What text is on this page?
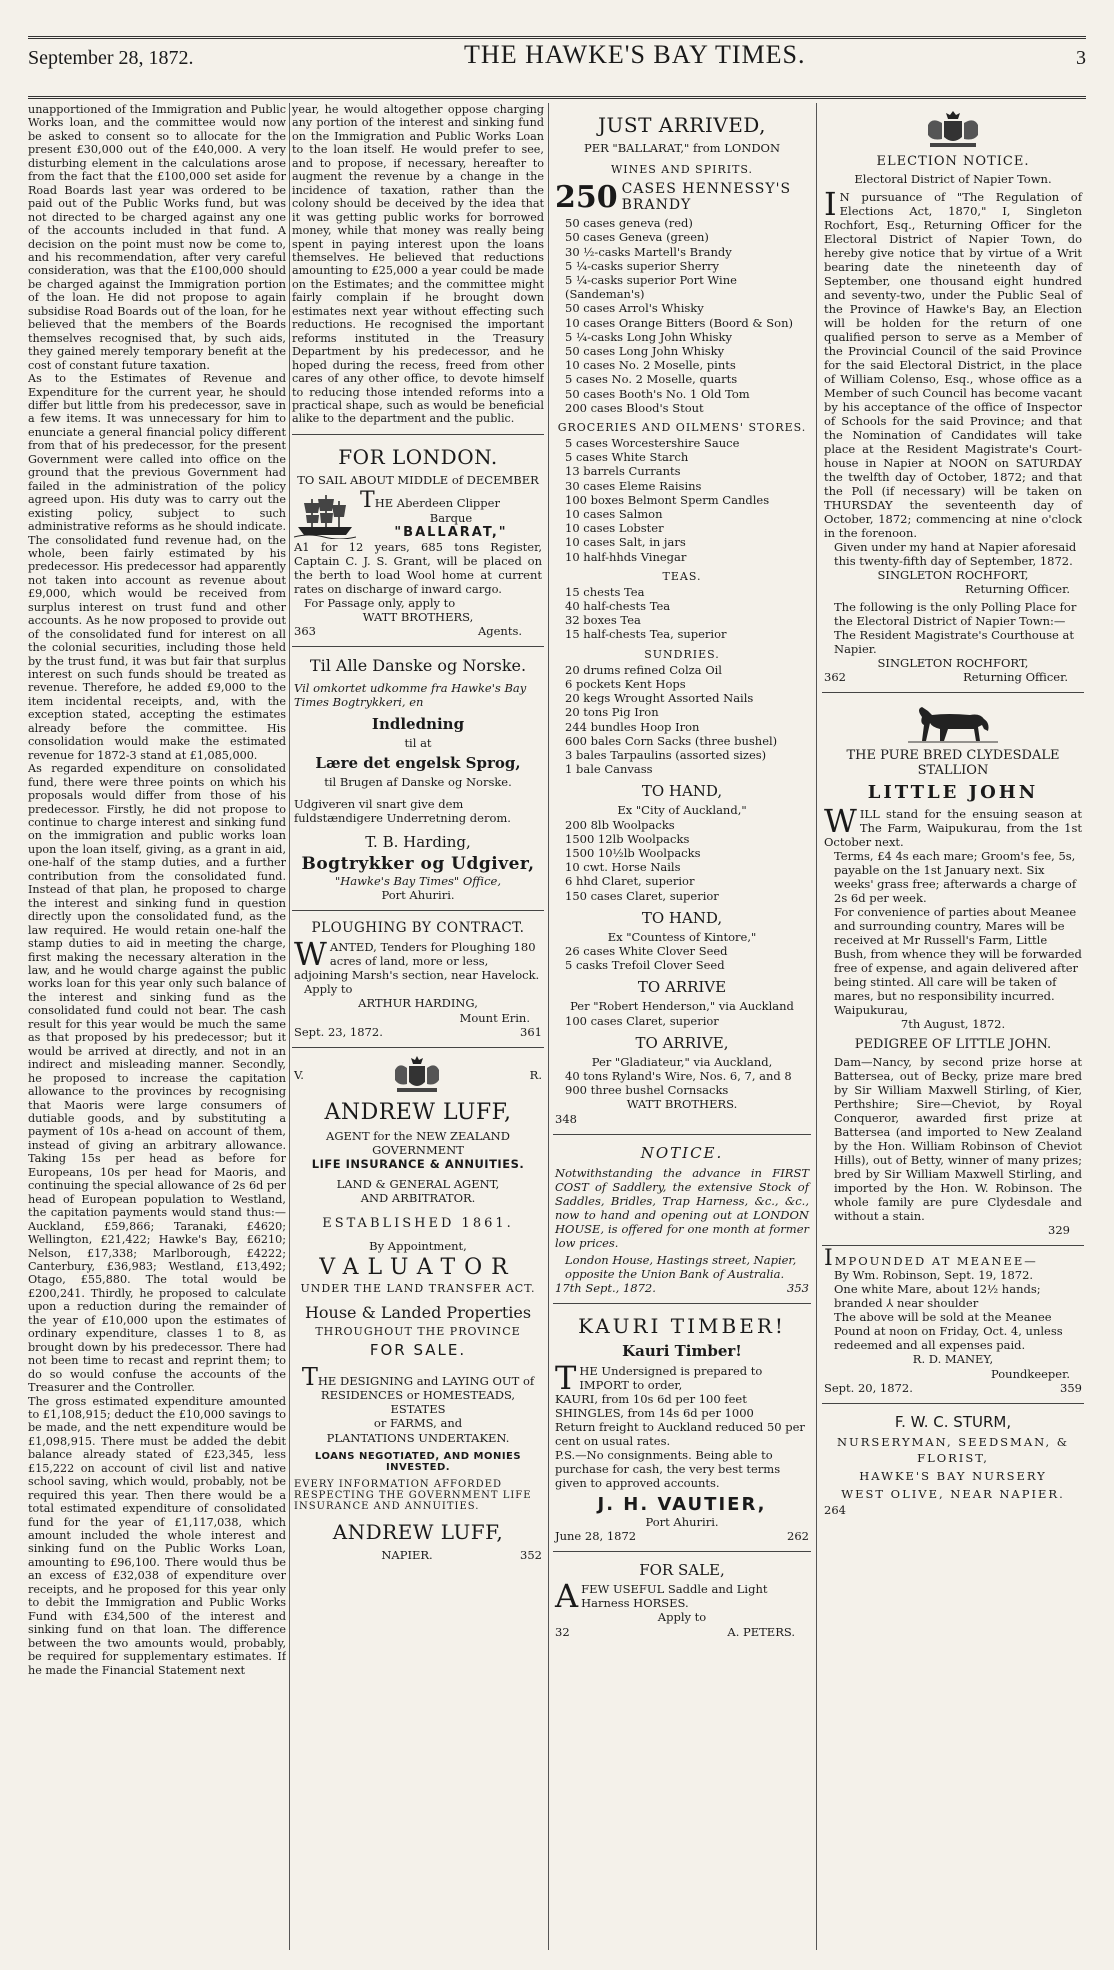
September 28, 1872.	THE HAWKE'S BAY TIMES.	3

unapportioned of the Immigration and Public Works loan, and the committee would now be asked to consent so to allocate for the present £30,000 out of the £40,000. A very disturbing element in the calculations arose from the fact that the £100,000 set aside for Road Boards last year was ordered to be paid out of the Public Works fund, but was not directed to be charged against any one of the accounts included in that fund. A decision on the point must now be come to, and his recommendation, after very careful consideration, was that the £100,000 should be charged against the Immigration portion of the loan. He did not propose to again subsidise Road Boards out of the loan, for he believed that the members of the Boards themselves recognised that, by such aids, they gained merely temporary benefit at the cost of constant future taxation.
As to the Estimates of Revenue and Expenditure for the current year, he should differ but little from his predecessor, save in a few items. It was unnecessary for him to enunciate a general financial policy different from that of his predecessor, for the present Government were called into office on the ground that the previous Government had failed in the administration of the policy agreed upon. His duty was to carry out the existing policy, subject to such administrative reforms as he should indicate. The consolidated fund revenue had, on the whole, been fairly estimated by his predecessor. His predecessor had apparently not taken into account as revenue about £9,000, which would be received from surplus interest on trust fund and other accounts. As he now proposed to provide out of the consolidated fund for interest on all the colonial securities, including those held by the trust fund, it was but fair that surplus interest on such funds should be treated as revenue. Therefore, he added £9,000 to the item incidental receipts, and, with the exception stated, accepting the estimates already before the committee. His consolidation would make the estimated revenue for 1872-3 stand at £1,085,000.
As regarded expenditure on consolidated fund, there were three points on which his proposals would differ from those of his predecessor. Firstly, he did not propose to continue to charge interest and sinking fund on the immigration and public works loan upon the loan itself, giving, as a grant in aid, one-half of the stamp duties, and a further contribution from the consolidated fund. Instead of that plan, he proposed to charge the interest and sinking fund in question directly upon the consolidated fund, as the law required. He would retain one-half the stamp duties to aid in meeting the charge, first making the necessary alteration in the law, and he would charge against the public works loan for this year only such balance of the interest and sinking fund as the consolidated fund could not bear. The cash result for this year would be much the same as that proposed by his predecessor; but it would be arrived at directly, and not in an indirect and misleading manner. Secondly, he proposed to increase the capitation allowance to the provinces by recognising that Maoris were large consumers of dutiable goods, and by substituting a payment of 10s a-head on account of them, instead of giving an arbitrary allowance. Taking 15s per head as before for Europeans, 10s per head for Maoris, and continuing the special allowance of 2s 6d per head of European population to Westland, the capitation payments would stand thus:— Auckland, £59,866; Taranaki, £4620; Wellington, £21,422; Hawke's Bay, £6210; Nelson, £17,338; Marlborough, £4222; Canterbury, £36,983; Westland, £13,492; Otago, £55,880. The total would be £200,241. Thirdly, he proposed to calculate upon a reduction during the remainder of the year of £10,000 upon the estimates of ordinary expenditure, classes 1 to 8, as brought down by his predecessor. There had not been time to recast and reprint them; to do so would confuse the accounts of the Treasurer and the Controller.
The gross estimated expenditure amounted to £1,108,915; deduct the £10,000 savings to be made, and the nett expenditure would be £1,098,915. There must be added the debit balance already stated of £23,345, less £15,222 on account of civil list and native school saving, which would, probably, not be required this year. Then there would be a total estimated expenditure of consolidated fund for the year of £1,117,038, which amount included the whole interest and sinking fund on the Public Works Loan, amounting to £96,100. There would thus be an excess of £32,038 of expenditure over receipts, and he proposed for this year only to debit the Immigration and Public Works Fund with £34,500 of the interest and sinking fund on that loan. The difference between the two amounts would, probably, be required for supplementary estimates. If he made the Financial Statement next

year, he would altogether oppose charging any portion of the interest and sinking fund on the Immigration and Public Works Loan to the loan itself. He would prefer to see, and to propose, if necessary, hereafter to augment the revenue by a change in the incidence of taxation, rather than the colony should be deceived by the idea that it was getting public works for borrowed money, while that money was really being spent in paying interest upon the loans themselves. He believed that reductions amounting to £25,000 a year could be made on the Estimates; and the committee might fairly complain if he brought down estimates next year without effecting such reductions. He recognised the important reforms instituted in the Treasury Department by his predecessor, and he hoped during the recess, freed from other cares of any other office, to devote himself to reducing those intended reforms into a practical shape, such as would be beneficial alike to the department and the public.

FOR LONDON.
TO SAIL ABOUT MIDDLE of DECEMBER
THE Aberdeen Clipper
Barque
"BALLARAT,"
A1 for 12 years, 685 tons Register, Captain C. J. S. Grant, will be placed on the berth to load Wool home at current rates on discharge of inward cargo.
For Passage only, apply to
WATT BROTHERS,
363	Agents.
Til Alle Danske og Norske.
Vil omkortet udkomme fra Hawke's Bay Times Bogtrykkeri, en
Indledning
til at
Lære det engelsk Sprog,
til Brugen af Danske og Norske.
Udgiveren vil snart give dem fuldstændigere Underretning derom.
T. B. Harding,
Bogtrykker og Udgiver,
"Hawke's Bay Times" Office,
Port Ahuriri.
PLOUGHING BY CONTRACT.
WANTED, Tenders for Ploughing 180 acres of land, more or less, adjoining Marsh's section, near Havelock.
Apply to
ARTHUR HARDING,
Mount Erin.
Sept. 23, 1872.	361
V.	R.
ANDREW LUFF,
AGENT for the NEW ZEALAND
GOVERNMENT
LIFE INSURANCE & ANNUITIES.
LAND & GENERAL AGENT,
AND ARBITRATOR.
ESTABLISHED 1861.
By Appointment,
VALUATOR
UNDER THE LAND TRANSFER ACT.
House & Landed Properties
THROUGHOUT THE PROVINCE
FOR SALE.
THE DESIGNING and LAYING OUT of
RESIDENCES or HOMESTEADS, ESTATES
or FARMS, and
PLANTATIONS UNDERTAKEN.
LOANS NEGOTIATED, AND MONIES INVESTED.
EVERY INFORMATION AFFORDED RESPECTING THE GOVERNMENT LIFE INSURANCE AND ANNUITIES.
ANDREW LUFF,
NAPIER.	352
JUST ARRIVED,
PER "BALLARAT," from LONDON
WINES AND SPIRITS.
250 CASES HENNESSY'S BRANDY
50 cases geneva (red)
50 cases Geneva (green)
30 ½-casks Martell's Brandy
5 ¼-casks superior Sherry
5 ¼-casks superior Port Wine (Sandeman's)
50 cases Arrol's Whisky
10 cases Orange Bitters (Boord & Son)
5 ¼-casks Long John Whisky
50 cases Long John Whisky
10 cases No. 2 Moselle, pints
5 cases No. 2 Moselle, quarts
50 cases Booth's No. 1 Old Tom
200 cases Blood's Stout
GROCERIES AND OILMENS' STORES.
5 cases Worcestershire Sauce
5 cases White Starch
13 barrels Currants
30 cases Eleme Raisins
100 boxes Belmont Sperm Candles
10 cases Salmon
10 cases Lobster
10 cases Salt, in jars
10 half-hhds Vinegar
TEAS.
15 chests Tea
40 half-chests Tea
32 boxes Tea
15 half-chests Tea, superior
SUNDRIES.
20 drums refined Colza Oil
6 pockets Kent Hops
20 kegs Wrought Assorted Nails
20 tons Pig Iron
244 bundles Hoop Iron
600 bales Corn Sacks (three bushel)
3 bales Tarpaulins (assorted sizes)
1 bale Canvass
TO HAND,
Ex "City of Auckland,"
200 8lb Woolpacks
1500 12lb Woolpacks
1500 10½lb Woolpacks
10 cwt. Horse Nails
6 hhd Claret, superior
150 cases Claret, superior
TO HAND,
Ex "Countess of Kintore,"
26 cases White Clover Seed
5 casks Trefoil Clover Seed
TO ARRIVE
Per "Robert Henderson," via Auckland
100 cases Claret, superior
TO ARRIVE,
Per "Gladiateur," via Auckland,
40 tons Ryland's Wire, Nos. 6, 7, and 8
900 three bushel Cornsacks
WATT BROTHERS.
348
NOTICE.
Notwithstanding the advance in FIRST COST of Saddlery, the extensive Stock of Saddles, Bridles, Trap Harness, &c., &c., now to hand and opening out at LONDON HOUSE, is offered for one month at former low prices.
London House, Hastings street, Napier, opposite the Union Bank of Australia.
17th Sept., 1872.	353
KAURI TIMBER!
Kauri Timber!
THE Undersigned is prepared to IMPORT to order,
KAURI, from 10s 6d per 100 feet
SHINGLES, from 14s 6d per 1000
Return freight to Auckland reduced 50 per cent on usual rates.
P.S.—No consignments. Being able to purchase for cash, the very best terms given to approved accounts.
J. H. VAUTIER,
Port Ahuriri.
June 28, 1872	262
FOR SALE,
AFEW USEFUL Saddle and Light Harness HORSES.
Apply to
32	A. PETERS.
ELECTION NOTICE.
Electoral District of Napier Town.
I N pursuance of "The Regulation of Elections Act, 1870," I, Singleton Rochfort, Esq., Returning Officer for the Electoral District of Napier Town, do hereby give notice that by virtue of a Writ bearing date the nineteenth day of September, one thousand eight hundred and seventy-two, under the Public Seal of the Province of Hawke's Bay, an Election will be holden for the return of one qualified person to serve as a Member of the Provincial Council of the said Province for the said Electoral District, in the place of William Colenso, Esq., whose office as a Member of such Council has become vacant by his acceptance of the office of Inspector of Schools for the said Province; and that the Nomination of Candidates will take place at the Resident Magistrate's Court-house in Napier at NOON on SATURDAY the twelfth day of October, 1872; and that the Poll (if necessary) will be taken on THURSDAY the seventeenth day of October, 1872; commencing at nine o'clock in the forenoon.
Given under my hand at Napier aforesaid this twenty-fifth day of September, 1872.
SINGLETON ROCHFORT,
Returning Officer.
The following is the only Polling Place for the Electoral District of Napier Town:—
The Resident Magistrate's Courthouse at Napier.
SINGLETON ROCHFORT,
362	Returning Officer.
THE PURE BRED CLYDESDALE STALLION
LITTLE JOHN
WILL stand for the ensuing season at The Farm, Waipukurau, from the 1st October next.
Terms, £4 4s each mare; Groom's fee, 5s, payable on the 1st January next. Six weeks' grass free; afterwards a charge of 2s 6d per week.
For convenience of parties about Meanee and surrounding country, Mares will be received at Mr Russell's Farm, Little Bush, from whence they will be forwarded free of expense, and again delivered after being stinted. All care will be taken of mares, but no responsibility incurred.
Waipukurau,
7th August, 1872.
PEDIGREE OF LITTLE JOHN.
Dam—Nancy, by second prize horse at Battersea, out of Becky, prize mare bred by Sir William Maxwell Stirling, of Kier, Perthshire; Sire—Cheviot, by Royal Conqueror, awarded first prize at Battersea (and imported to New Zealand by the Hon. William Robinson of Cheviot Hills), out of Betty, winner of many prizes; bred by Sir William Maxwell Stirling, and imported by the Hon. W. Robinson. The whole family are pure Clydesdale and without a stain.
329
IMPOUNDED AT MEANEE—
By Wm. Robinson, Sept. 19, 1872.
One white Mare, about 12½ hands; branded ⅄ near shoulder
The above will be sold at the Meanee Pound at noon on Friday, Oct. 4, unless redeemed and all expenses paid.
R. D. MANEY,
Poundkeeper.
Sept. 20, 1872.	359
F. W. C. STURM,
NURSERYMAN, SEEDSMAN, &
FLORIST,
HAWKE'S BAY NURSERY
WEST OLIVE, NEAR NAPIER.
264
